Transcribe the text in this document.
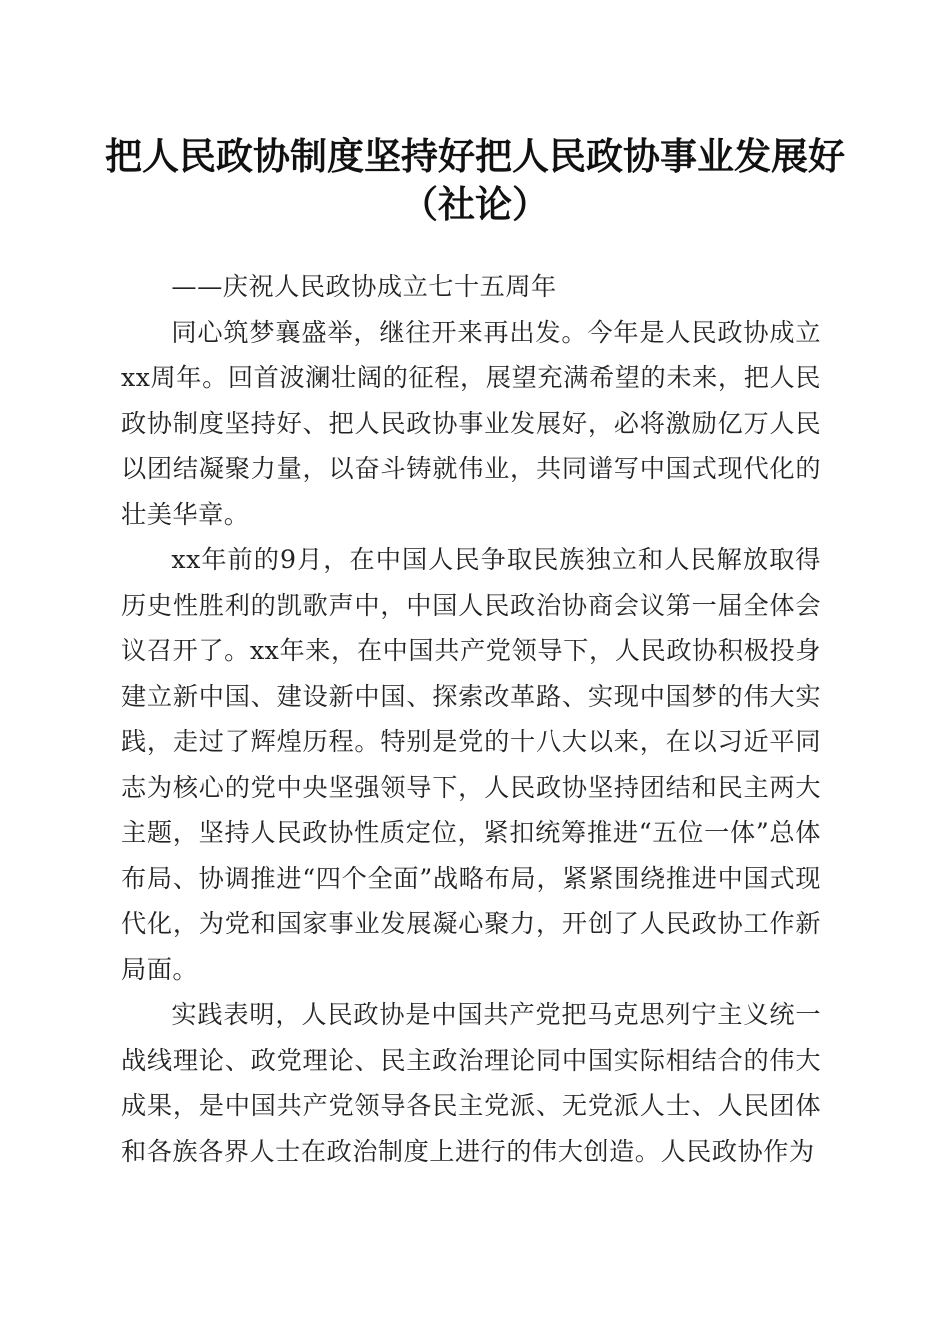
把人民政协制度坚持好把人民政协事业发展好
（社论）

——庆祝人民政协成立七十五周年

同心筑梦襄盛举，继往开来再出发。今年是人民政协成立xx周年。回首波澜壮阔的征程，展望充满希望的未来，把人民政协制度坚持好、把人民政协事业发展好，必将激励亿万人民以团结凝聚力量，以奋斗铸就伟业，共同谱写中国式现代化的壮美华章。

xx年前的9月，在中国人民争取民族独立和人民解放取得历史性胜利的凯歌声中，中国人民政治协商会议第一届全体会议召开了。xx年来，在中国共产党领导下，人民政协积极投身建立新中国、建设新中国、探索改革路、实现中国梦的伟大实践，走过了辉煌历程。特别是党的十八大以来，在以习近平同志为核心的党中央坚强领导下，人民政协坚持团结和民主两大主题，坚持人民政协性质定位，紧扣统筹推进“五位一体”总体布局、协调推进“四个全面”战略布局，紧紧围绕推进中国式现代化，为党和国家事业发展凝心聚力，开创了人民政协工作新局面。

实践表明，人民政协是中国共产党把马克思列宁主义统一战线理论、政党理论、民主政治理论同中国实际相结合的伟大成果，是中国共产党领导各民主党派、无党派人士、人民团体和各族各界人士在政治制度上进行的伟大创造。人民政协作为
